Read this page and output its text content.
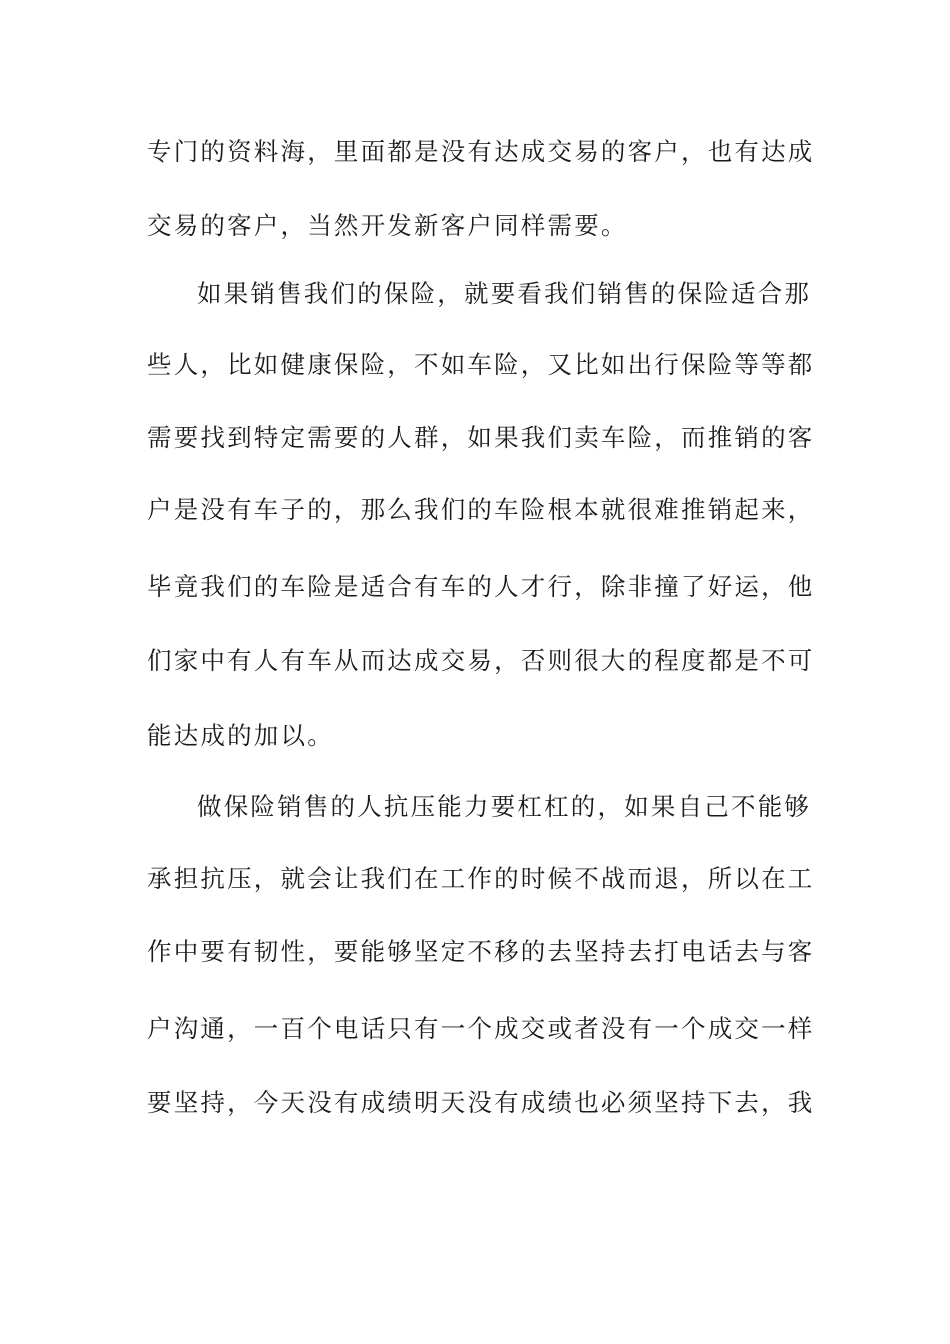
专门的资料海，里面都是没有达成交易的客户，也有达成
交易的客户，当然开发新客户同样需要。
如果销售我们的保险，就要看我们销售的保险适合那
些人，比如健康保险，不如车险，又比如出行保险等等都
需要找到特定需要的人群，如果我们卖车险，而推销的客
户是没有车子的，那么我们的车险根本就很难推销起来，
毕竟我们的车险是适合有车的人才行，除非撞了好运，他
们家中有人有车从而达成交易，否则很大的程度都是不可
能达成的加以。
做保险销售的人抗压能力要杠杠的，如果自己不能够
承担抗压，就会让我们在工作的时候不战而退，所以在工
作中要有韧性，要能够坚定不移的去坚持去打电话去与客
户沟通，一百个电话只有一个成交或者没有一个成交一样
要坚持，今天没有成绩明天没有成绩也必须坚持下去，我
